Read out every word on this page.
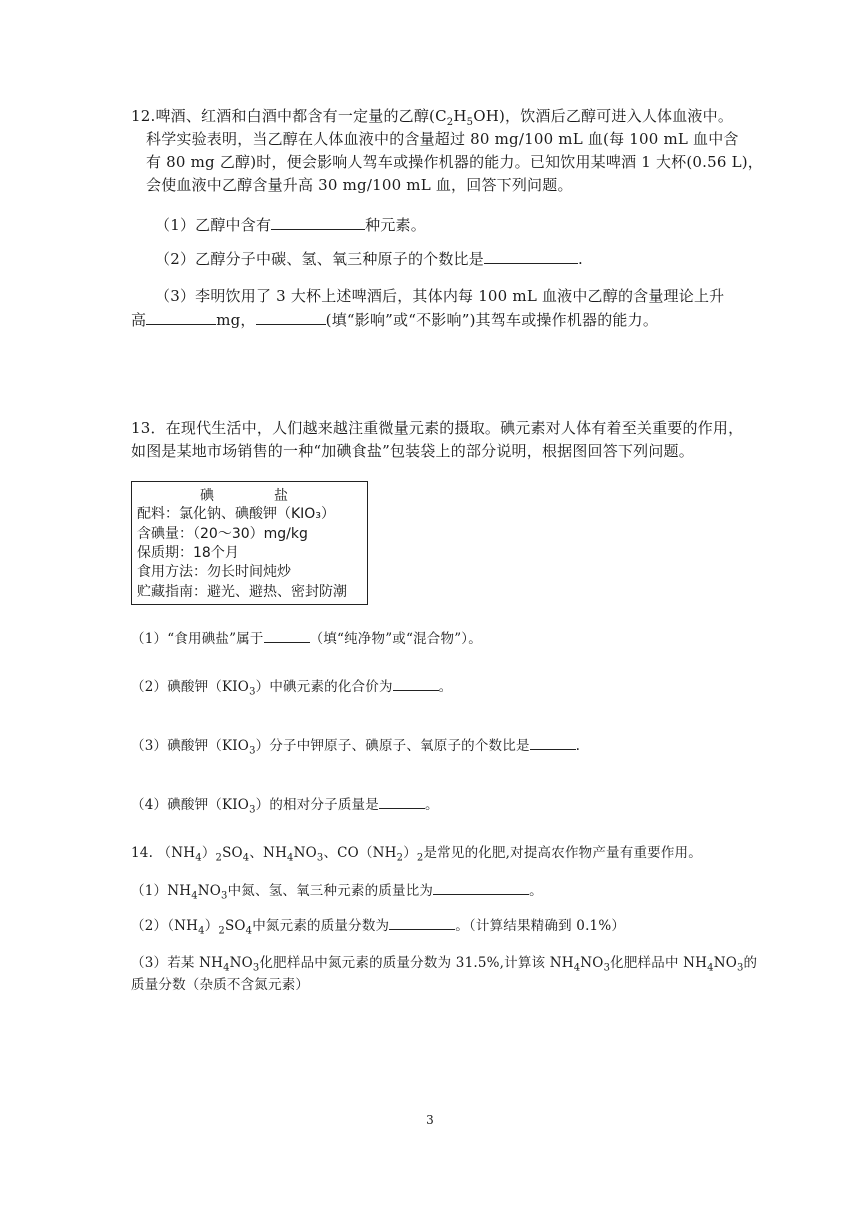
12.啤酒、红酒和白酒中都含有一定量的乙醇$(C_2H_5OH)$，饮酒后乙醇可进入人体血液中。
科学实验表明，当乙醇在人体血液中的含量超过 80 mg/100 mL 血(每 100 mL 血中含
有 80 mg 乙醇)时，便会影响人驾车或操作机器的能力。已知饮用某啤酒 1 大杯(0.56 L)，
会使血液中乙醇含量升高 30 mg/100 mL 血，回答下列问题。
（1）乙醇中含有	种元素。
（2）乙醇分子中碳、氢、氧三种原子的个数比是	.
（3）李明饮用了 3 大杯上述啤酒后，其体内每 100 mL 血液中乙醇的含量理论上升
高	mg，	(填“影响”或“不影响”)其驾车或操作机器的能力。
13．在现代生活中，人们越来越注重微量元素的摄取。碘元素对人体有着至关重要的作用，
如图是某地市场销售的一种“加碘食盐”包装袋上的部分说明，根据图回答下列问题。
碘	盐
配料：氯化钠、碘酸钾（KIO₃）
含碘量：（20～30）mg/kg
保质期：18个月
食用方法：勿长时间炖炒
贮藏指南：避光、避热、密封防潮
（1）“食用碘盐”属于	（填“纯净物”或“混合物”）。
（2）碘酸钾$(KIO_3)$中碘元素的化合价为	。
（3）碘酸钾$(KIO_3)$分子中钾原子、碘原子、氧原子的个数比是	.
（4）碘酸钾$(KIO_3)$的相对分子质量是	。
14. $(NH_4)_2SO_4$、$NH_4NO_3$、$CO(NH_2)_2$是常见的化肥,对提高农作物产量有重要作用。
$(1)NH_4NO_3$中氮、氢、氧三种元素的质量比为	。
$(2)(NH_4)_2SO_4$中氮元素的质量分数为	。（计算结果精确到 0.1%）
（3）若某 $NH_4NO_3$化肥样品中氮元素的质量分数为 31.5%,计算该 $NH_4NO_3$化肥样品中 $NH_4NO_3$的
质量分数（杂质不含氮元素）
3
